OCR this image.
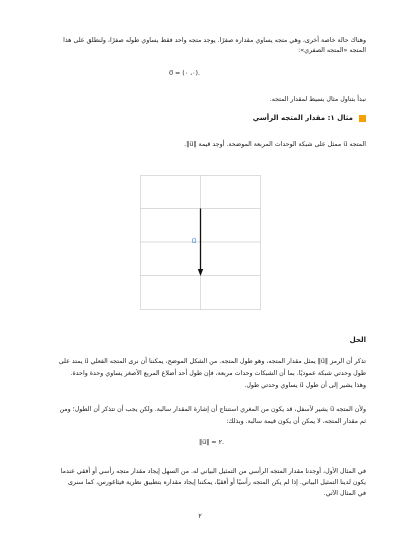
وهناك حالة خاصة أخرى، وهي متجه يساوي مقداره صفرًا. يوجد متجه واحد فقط يساوي طوله صفرًا، ولنطلق على هذا
المتجه «المتجه الصفري»:
0⃗ = (٠، ٠).
نبدأ بتناول مثال بسيط لمقدار المتجه.
مثال ١: مقدار المتجه الرأسي
المتجه u⃗ ممثل على شبكة الوحدات المربعة الموضحة. أوجد قيمة ‖u⃗‖.
u⃗
الحل
تذكر أن الرمز ‖u⃗‖ يمثل مقدار المتجه، وهو طول المتجه. من الشكل الموضح، يمكننا أن نرى المتجه الفعلي u⃗ يمتد على
طول وحدتي شبكة عموديًا. بما أن الشبكات وحدات مربعة، فإن طول أحد أضلاع المربع الأصغر يساوي وحدة واحدة.
وهذا يشير إلى أن طول u⃗ يساوي وحدتي طول.
ولأن المتجه u⃗ يشير لأسفل، قد يكون من المغري استنتاج أن إشارة المقدار سالبة. ولكن يجب أن تتذكر أن الطول؛ ومن
ثم مقدار المتجه، لا يمكن أن يكون قيمة سالبة. وبذلك:
‖u⃗‖ = ٢.
في المثال الأول، أوجدنا مقدار المتجه الرأسي من التمثيل البياني له. من السهل إيجاد مقدار متجه رأسي أو أفقي عندما
يكون لدينا التمثيل البياني. إذا لم يكن المتجه رأسيًا أو أفقيًا، يمكننا إيجاد مقداره بتطبيق نظرية فيثاغورس، كما سنرى
في المثال الآتي.
٢
